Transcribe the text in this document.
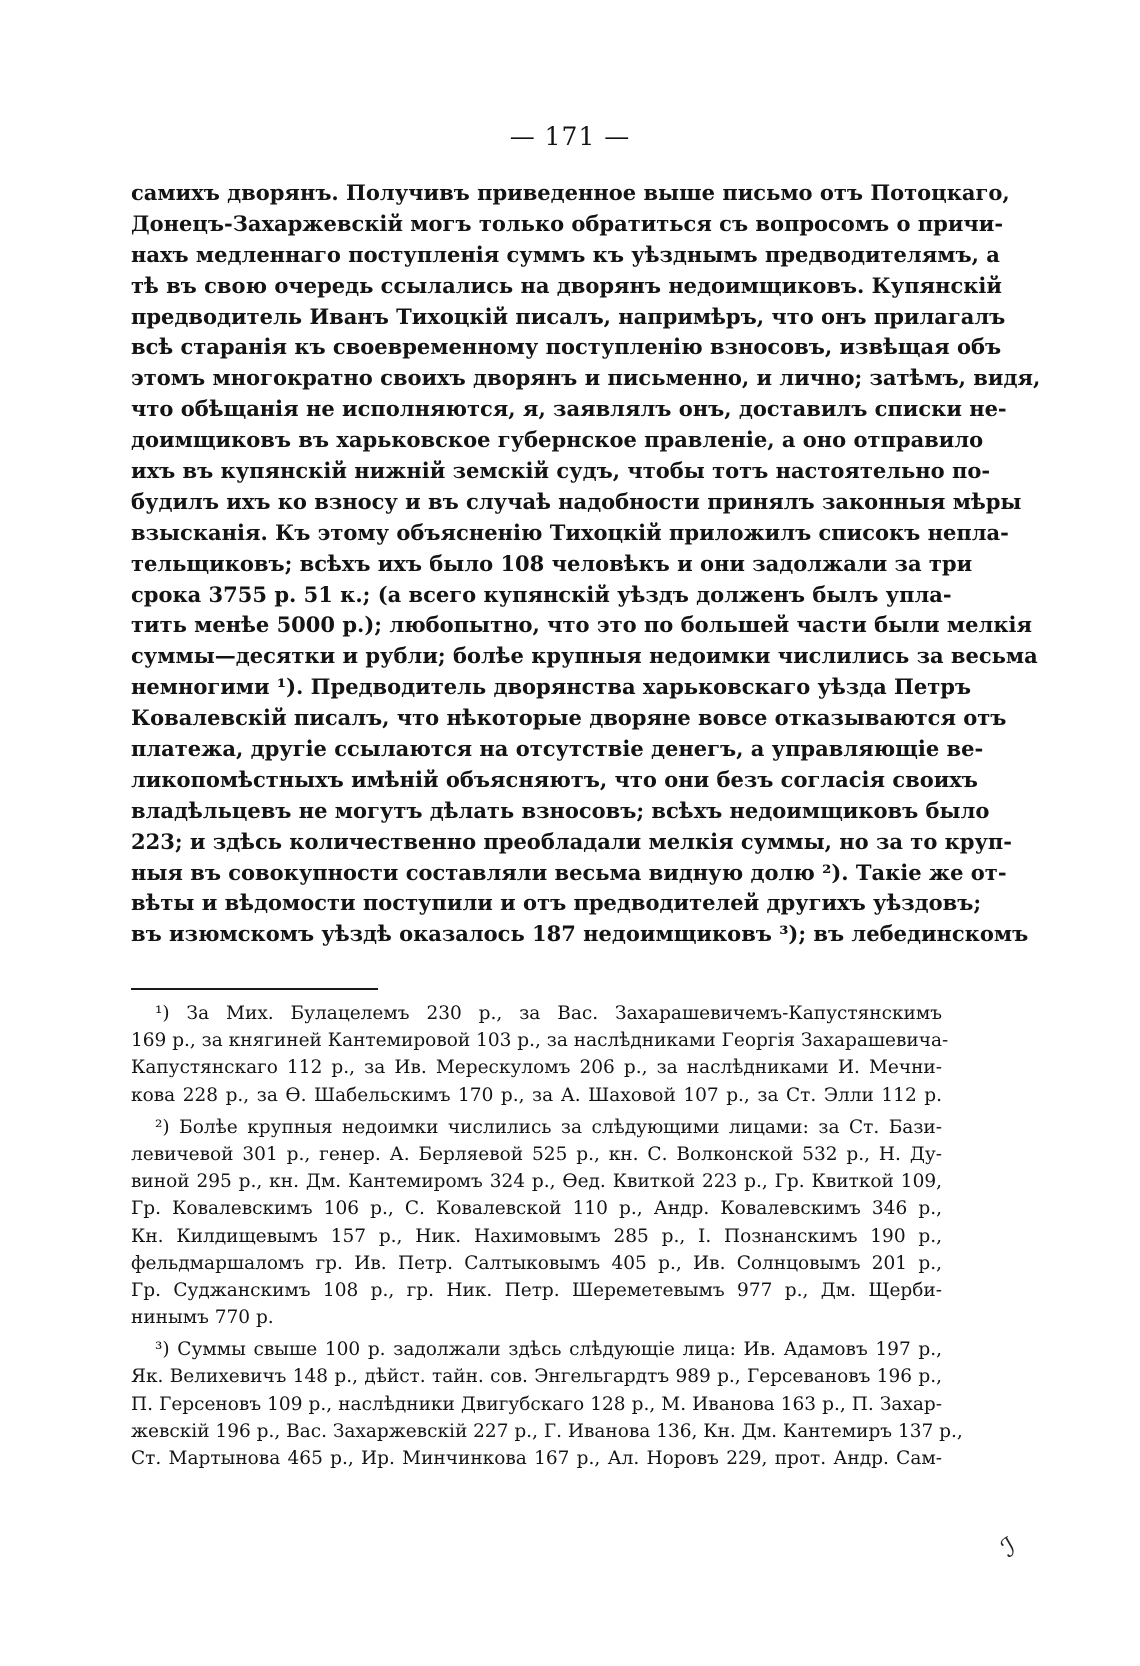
— 171 —
самихъ дворянъ. Получивъ приведенное выше письмо отъ Потоцкаго,
Донецъ-Захаржевскій могъ только обратиться съ вопросомъ о причи-
нахъ медленнаго поступленія суммъ къ уѣзднымъ предводителямъ, а
тѣ въ свою очередь ссылались на дворянъ недоимщиковъ. Купянскій
предводитель Иванъ Тихоцкій писалъ, напримѣръ, что онъ прилагалъ
всѣ старанія къ своевременному поступленію взносовъ, извѣщая объ
этомъ многократно своихъ дворянъ и письменно, и лично; затѣмъ, видя,
что обѣщанія не исполняются, я, заявлялъ онъ, доставилъ списки не-
доимщиковъ въ харьковское губернское правленіе, а оно отправило
ихъ въ купянскій нижній земскій судъ, чтобы тотъ настоятельно по-
будилъ ихъ ко взносу и въ случаѣ надобности принялъ законныя мѣры
взысканія. Къ этому объясненію Тихоцкій приложилъ списокъ непла-
тельщиковъ; всѣхъ ихъ было 108 человѣкъ и они задолжали за три
срока 3755 р. 51 к.; (а всего купянскій уѣздъ долженъ былъ упла-
тить менѣе 5000 р.); любопытно, что это по большей части были мелкія
суммы—десятки и рубли; болѣе крупныя недоимки числились за весьма
немногими ¹). Предводитель дворянства харьковскаго уѣзда Петръ
Ковалевскій писалъ, что нѣкоторые дворяне вовсе отказываются отъ
платежа, другіе ссылаются на отсутствіе денегъ, а управляющіе ве-
ликопомѣстныхъ имѣній объясняютъ, что они безъ согласія своихъ
владѣльцевъ не могутъ дѣлать взносовъ; всѣхъ недоимщиковъ было
223; и здѣсь количественно преобладали мелкія суммы, но за то круп-
ныя въ совокупности составляли весьма видную долю ²). Такіе же от-
вѣты и вѣдомости поступили и отъ предводителей другихъ уѣздовъ;
въ изюмскомъ уѣздѣ оказалось 187 недоимщиковъ ³); въ лебединскомъ
¹) За Мих. Булацелемъ 230 р., за Вас. Захарашевичемъ-Капустянскимъ
169 р., за княгиней Кантемировой 103 р., за наслѣдниками Георгія Захарашевича-
Капустянскаго 112 р., за Ив. Мерескуломъ 206 р., за наслѣдниками И. Мечни-
кова 228 р., за Ѳ. Шабельскимъ 170 р., за А. Шаховой 107 р., за Ст. Элли 112 р.
²) Болѣе крупныя недоимки числились за слѣдующими лицами: за Ст. Бази-
левичевой 301 р., генер. А. Берляевой 525 р., кн. С. Волконской 532 р., Н. Ду-
виной 295 р., кн. Дм. Кантемиромъ 324 р., Ѳед. Квиткой 223 р., Гр. Квиткой 109,
Гр. Ковалевскимъ 106 р., С. Ковалевской 110 р., Андр. Ковалевскимъ 346 р.,
Кн. Килдищевымъ 157 р., Ник. Нахимовымъ 285 р., І. Познанскимъ 190 р.,
фельдмаршаломъ гр. Ив. Петр. Салтыковымъ 405 р., Ив. Солнцовымъ 201 р.,
Гр. Суджанскимъ 108 р., гр. Ник. Петр. Шереметевымъ 977 р., Дм. Щерби-
нинымъ 770 р.
³) Суммы свыше 100 р. задолжали здѣсь слѣдующіе лица: Ив. Адамовъ 197 р.,
Як. Велихевичъ 148 р., дѣйст. тайн. сов. Энгельгардтъ 989 р., Герсевановъ 196 р.,
П. Герсеновъ 109 р., наслѣдники Двигубскаго 128 р., М. Иванова 163 р., П. Захар-
жевскій 196 р., Вас. Захаржевскій 227 р., Г. Иванова 136, Кн. Дм. Кантемиръ 137 р.,
Ст. Мартынова 465 р., Ир. Минчинкова 167 р., Ал. Норовъ 229, прот. Андр. Сам-
ℐ
